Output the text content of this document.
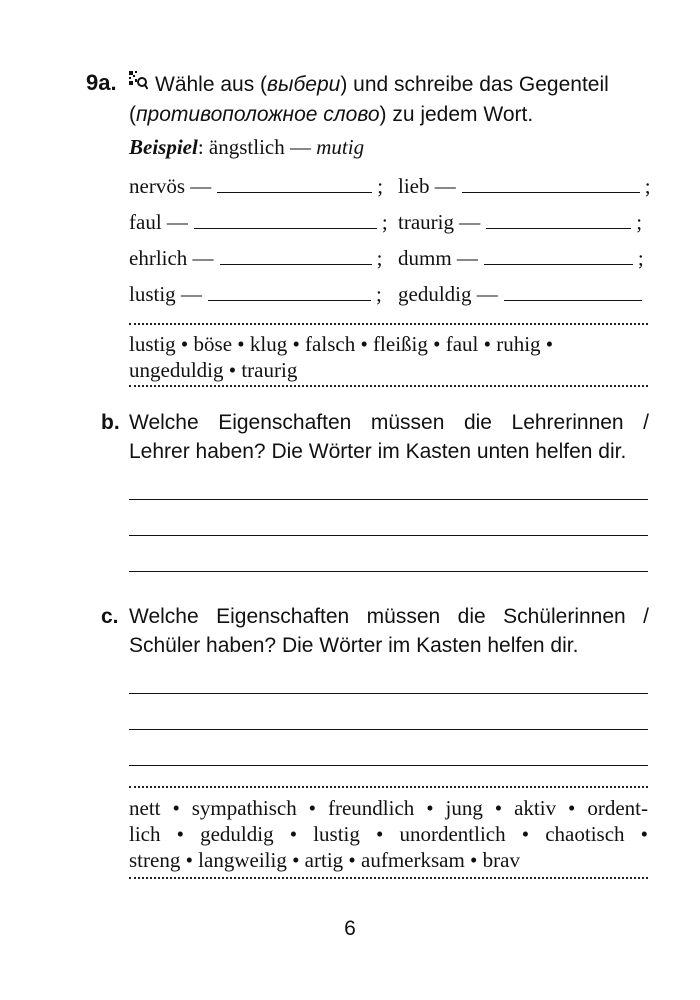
9a. Wähle aus (выбери) und schreibe das Gegenteil
(противоположное слово) zu jedem Wort.
Beispiel: ängstlich — mutig
nervös —	; lieb —	;
faul —	; traurig —	;
ehrlich —	; dumm —	;
lustig —	; geduldig —
lustig • böse • klug • falsch • fleißig • faul • ruhig •
ungeduldig • traurig
b. Welche Eigenschaften müssen die Lehrerinnen /
Lehrer haben? Die Wörter im Kasten unten helfen dir.
c. Welche Eigenschaften müssen die Schülerinnen /
Schüler haben? Die Wörter im Kasten helfen dir.
nett • sympathisch • freundlich • jung • aktiv • ordent-
lich • geduldig • lustig • unordentlich • chaotisch •
streng • langweilig • artig • aufmerksam • brav
6
